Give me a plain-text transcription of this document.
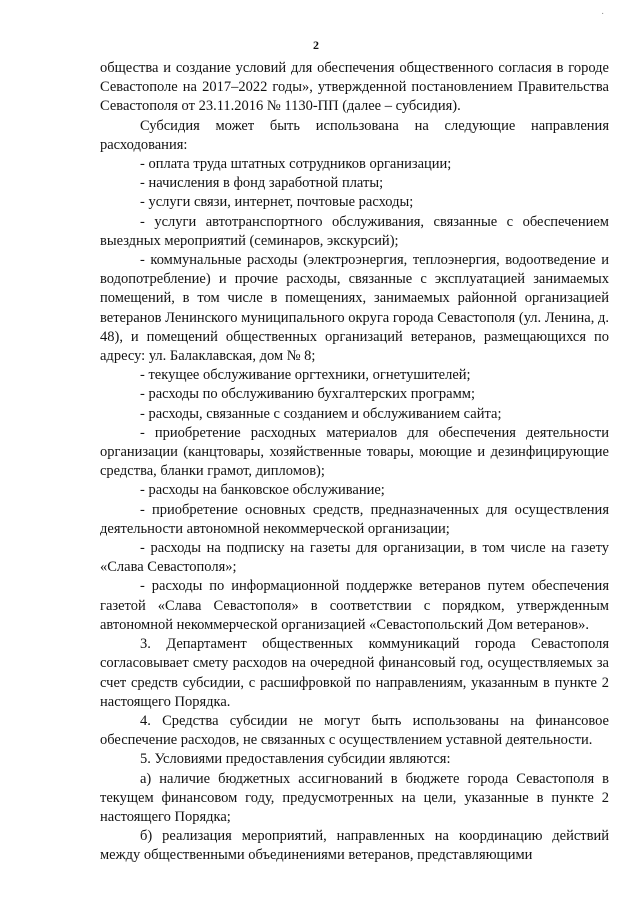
·
2

общества и создание условий для обеспечения общественного согласия в городе Севастополе на 2017–2022 годы», утвержденной постановлением Правительства Севастополя от 23.11.2016 № 1130-ПП (далее – субсидия).

Субсидия может быть использована на следующие направления расходования:

- оплата труда штатных сотрудников организации;

- начисления в фонд заработной платы;

- услуги связи, интернет, почтовые расходы;

- услуги автотранспортного обслуживания, связанные с обеспечением выездных мероприятий (семинаров, экскурсий);

- коммунальные расходы (электроэнергия, теплоэнергия, водоотведение и водопотребление) и прочие расходы, связанные с эксплуатацией занимаемых помещений, в том числе в помещениях, занимаемых районной организацией ветеранов Ленинского муниципального округа города Севастополя (ул. Ленина, д. 48), и помещений общественных организаций ветеранов, размещающихся по адресу: ул. Балаклавская, дом № 8;

- текущее обслуживание оргтехники, огнетушителей;

- расходы по обслуживанию бухгалтерских программ;

- расходы, связанные с созданием и обслуживанием сайта;

- приобретение расходных материалов для обеспечения деятельности организации (канцтовары, хозяйственные товары, моющие и дезинфицирующие средства, бланки грамот, дипломов);

- расходы на банковское обслуживание;

- приобретение основных средств, предназначенных для осуществления деятельности автономной некоммерческой организации;

- расходы на подписку на газеты для организации, в том числе на газету «Слава Севастополя»;

- расходы по информационной поддержке ветеранов путем обеспечения газетой «Слава Севастополя» в соответствии с порядком, утвержденным автономной некоммерческой организацией «Севастопольский Дом ветеранов».

3. Департамент общественных коммуникаций города Севастополя согласовывает смету расходов на очередной финансовый год, осуществляемых за счет средств субсидии, с расшифровкой по направлениям, указанным в пункте 2 настоящего Порядка.

4. Средства субсидии не могут быть использованы на финансовое обеспечение расходов, не связанных с осуществлением уставной деятельности.

5. Условиями предоставления субсидии являются:

а) наличие бюджетных ассигнований в бюджете города Севастополя в текущем финансовом году, предусмотренных на цели, указанные в пункте 2 настоящего Порядка;

б) реализация мероприятий, направленных на координацию действий между общественными объединениями ветеранов, представляющими
